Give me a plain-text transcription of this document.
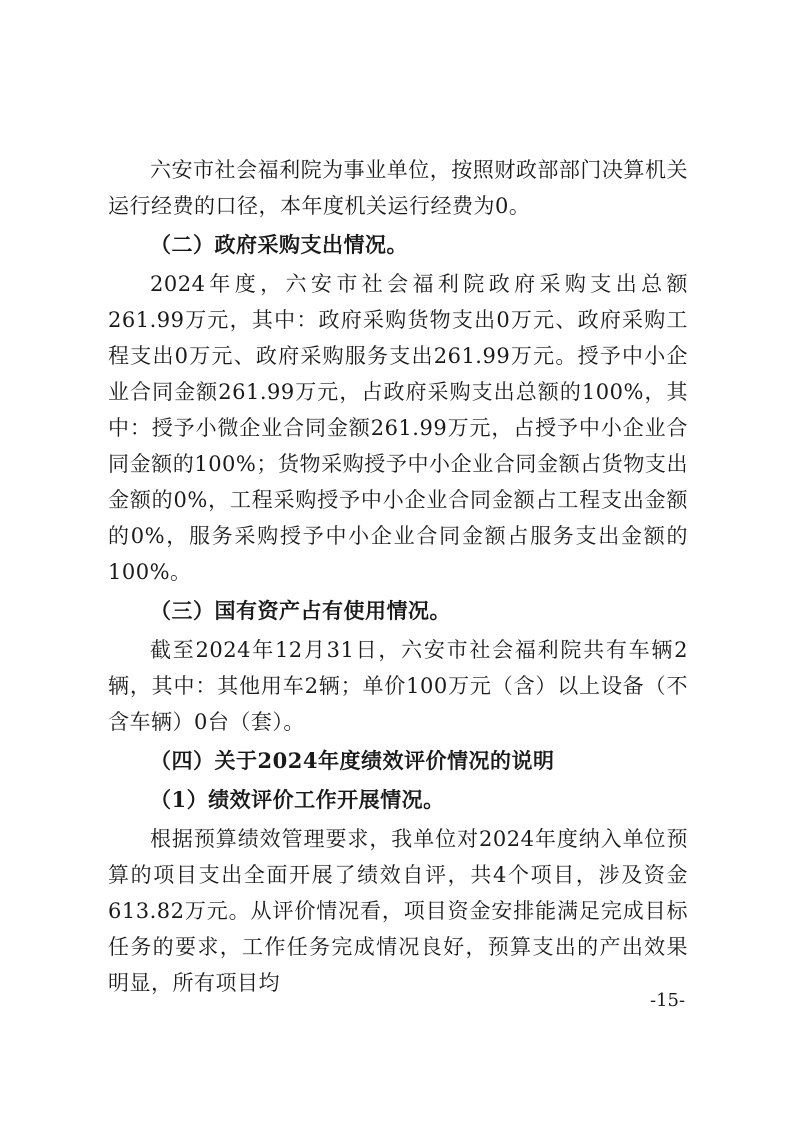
六安市社会福利院为事业单位，按照财政部部门决算机关运行经费的口径，本年度机关运行经费为0。

（二）政府采购支出情况。

2024年度，六安市社会福利院政府采购支出总额261.99万元，其中：政府采购货物支出0万元、政府采购工程支出0万元、政府采购服务支出261.99万元。授予中小企业合同金额261.99万元，占政府采购支出总额的100%，其中：授予小微企业合同金额261.99万元，占授予中小企业合同金额的100%；货物采购授予中小企业合同金额占货物支出金额的0%，工程采购授予中小企业合同金额占工程支出金额的0%，服务采购授予中小企业合同金额占服务支出金额的100%。

（三）国有资产占有使用情况。

截至2024年12月31日，六安市社会福利院共有车辆2辆，其中：其他用车2辆；单价100万元（含）以上设备（不含车辆）0台（套）。

（四）关于2024年度绩效评价情况的说明

（1）绩效评价工作开展情况。

根据预算绩效管理要求，我单位对2024年度纳入单位预算的项目支出全面开展了绩效自评，共4个项目，涉及资金613.82万元。从评价情况看，项目资金安排能满足完成目标任务的要求，工作任务完成情况良好，预算支出的产出效果明显，所有项目均

-15-
